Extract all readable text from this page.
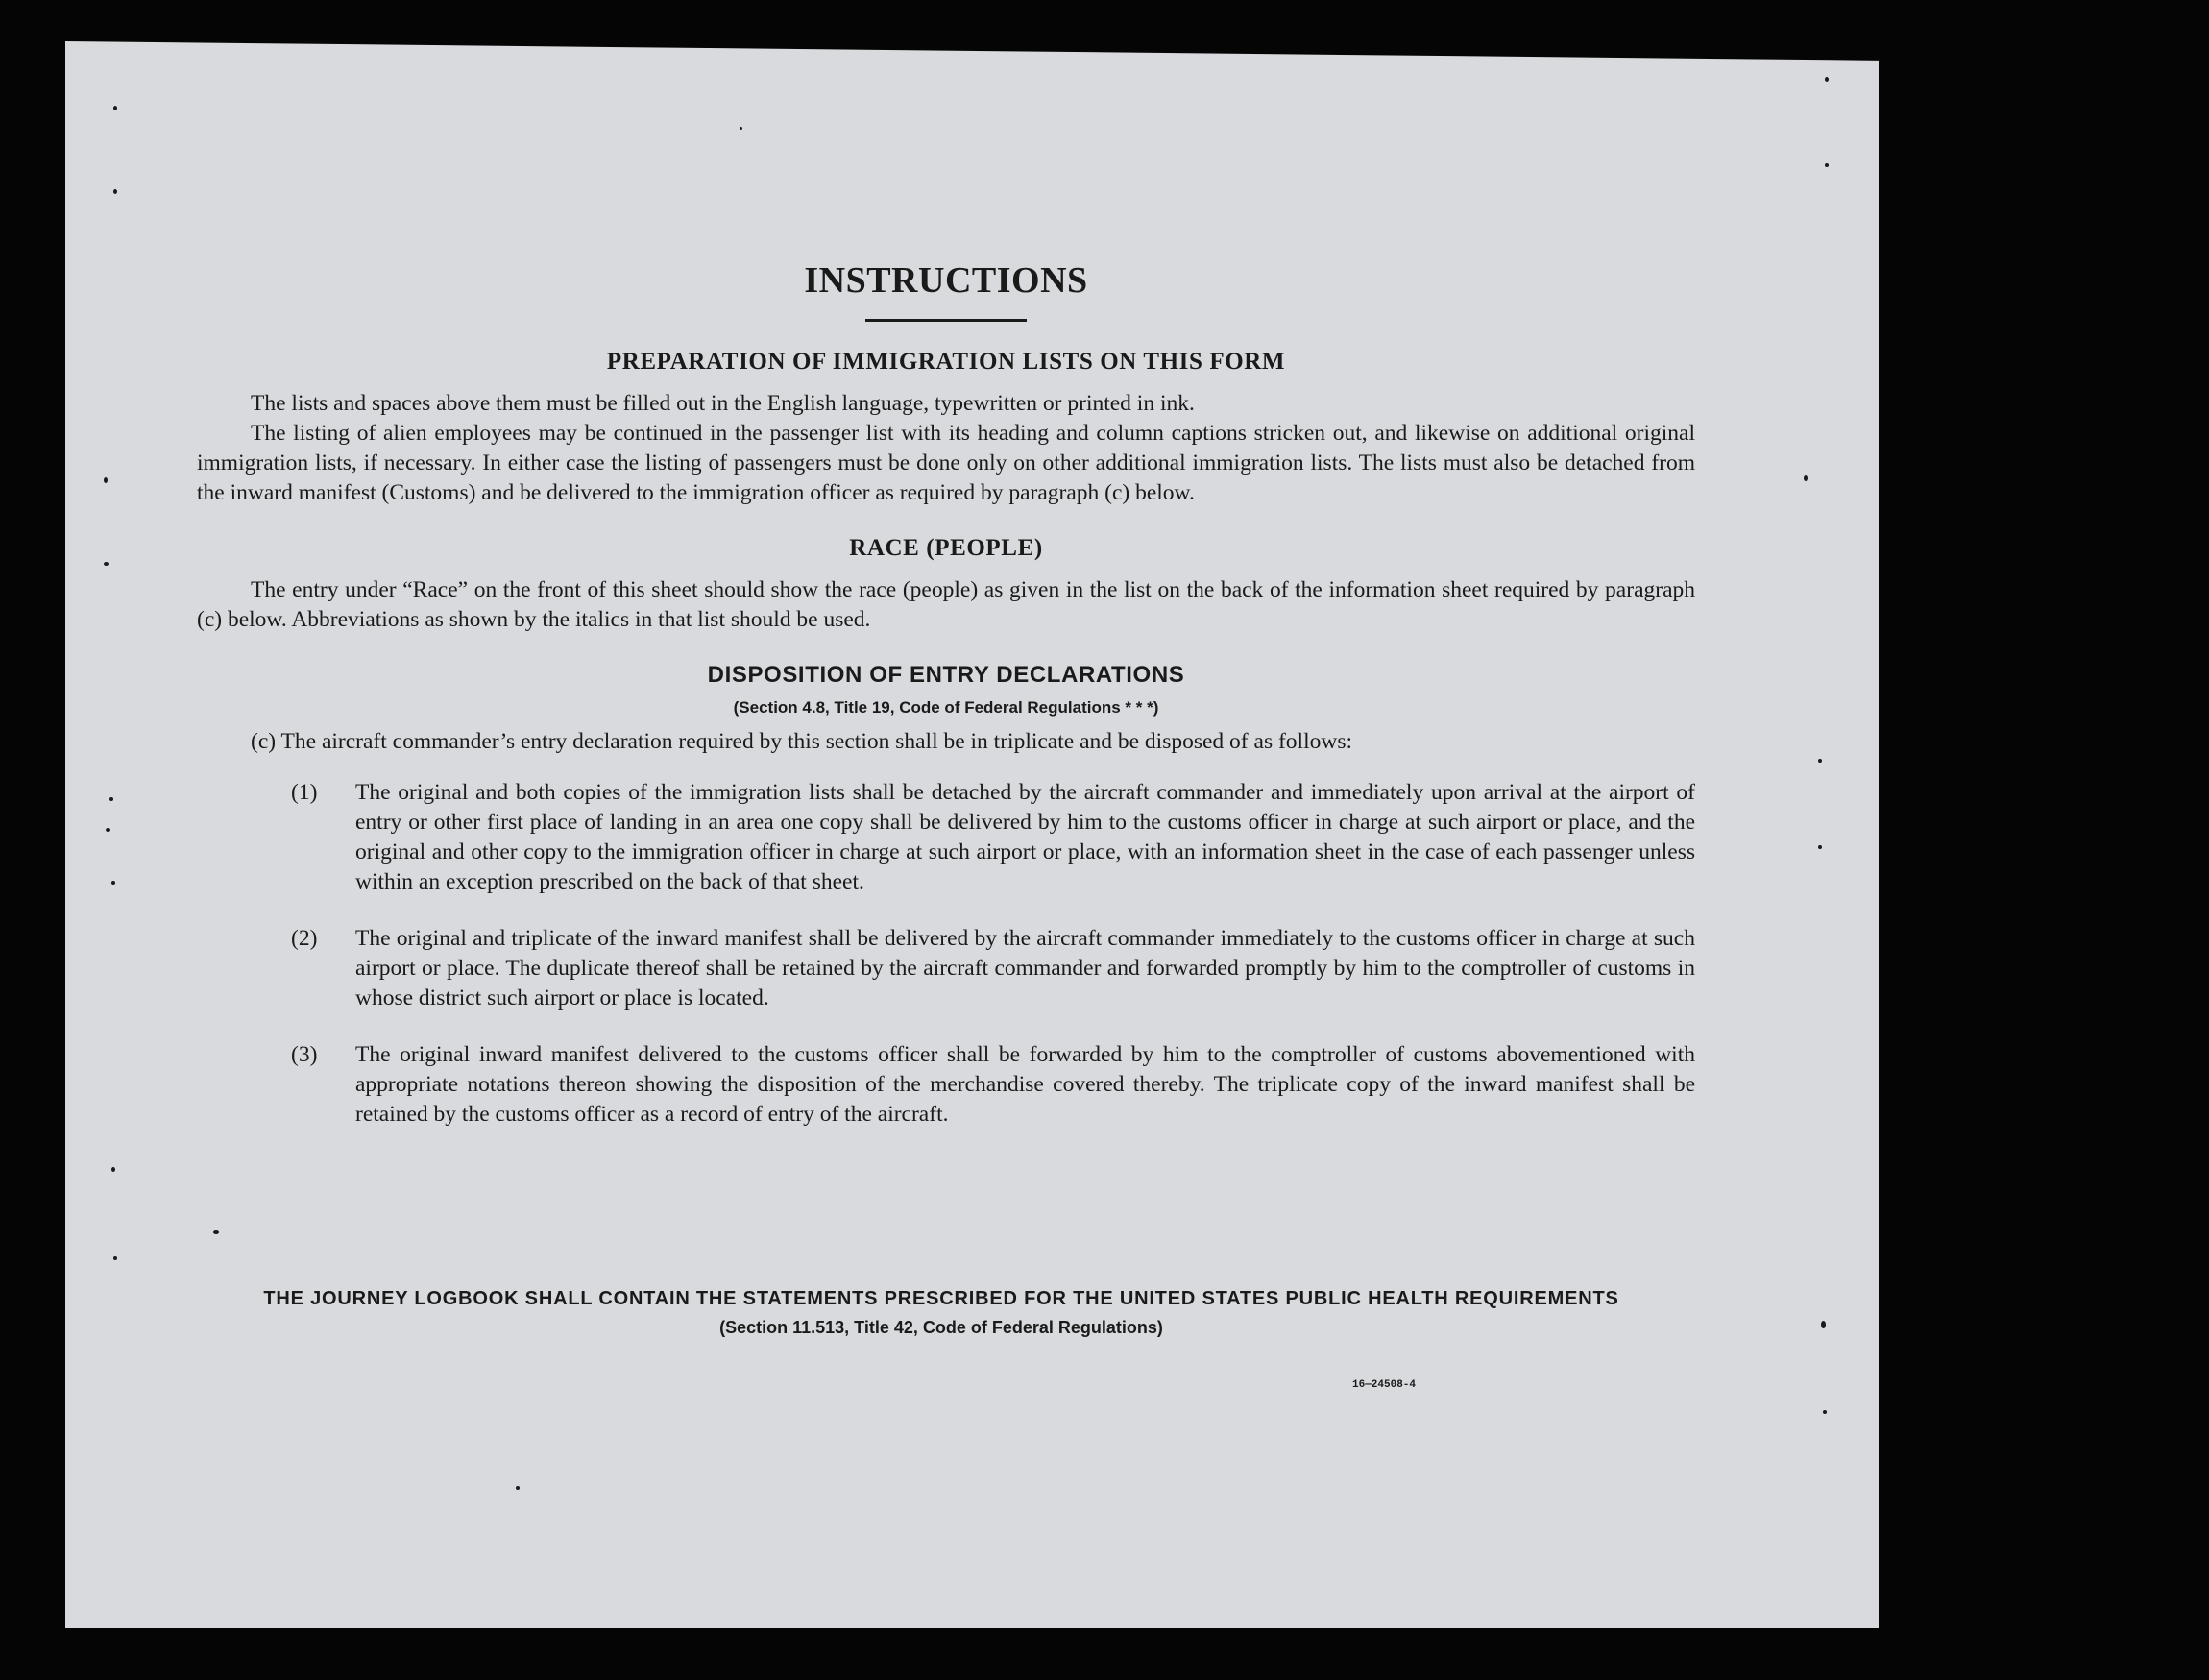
INSTRUCTIONS
PREPARATION OF IMMIGRATION LISTS ON THIS FORM

The lists and spaces above them must be filled out in the English language, typewritten or printed in ink.

The listing of alien employees may be continued in the passenger list with its heading and column captions stricken out, and likewise on additional original immigration lists, if necessary. In either case the listing of passengers must be done only on other additional immigration lists. The lists must also be detached from the inward manifest (Customs) and be delivered to the immigration officer as required by paragraph (c) below.

RACE (PEOPLE)

The entry under “Race” on the front of this sheet should show the race (people) as given in the list on the back of the information sheet required by paragraph (c) below. Abbreviations as shown by the italics in that list should be used.

DISPOSITION OF ENTRY DECLARATIONS
(Section 4.8, Title 19, Code of Federal Regulations * * *)

(c) The aircraft commander’s entry declaration required by this section shall be in triplicate and be disposed of as follows:

(1)	The original and both copies of the immigration lists shall be detached by the aircraft commander and immediately upon arrival at the airport of entry or other first place of landing in an area one copy shall be delivered by him to the customs officer in charge at such airport or place, and the original and other copy to the immigration officer in charge at such airport or place, with an information sheet in the case of each passenger unless within an exception prescribed on the back of that sheet.
(2)	The original and triplicate of the inward manifest shall be delivered by the aircraft commander immediately to the customs officer in charge at such airport or place. The duplicate thereof shall be retained by the aircraft commander and forwarded promptly by him to the comptroller of customs in whose district such airport or place is located.
(3)	The original inward manifest delivered to the customs officer shall be forwarded by him to the comptroller of customs abovementioned with appropriate notations thereon showing the disposition of the merchandise covered thereby. The triplicate copy of the inward manifest shall be retained by the customs officer as a record of entry of the aircraft.
THE JOURNEY LOGBOOK SHALL CONTAIN THE STATEMENTS PRESCRIBED FOR THE UNITED STATES PUBLIC HEALTH REQUIREMENTS
(Section 11.513, Title 42, Code of Federal Regulations)
16—24508-4
